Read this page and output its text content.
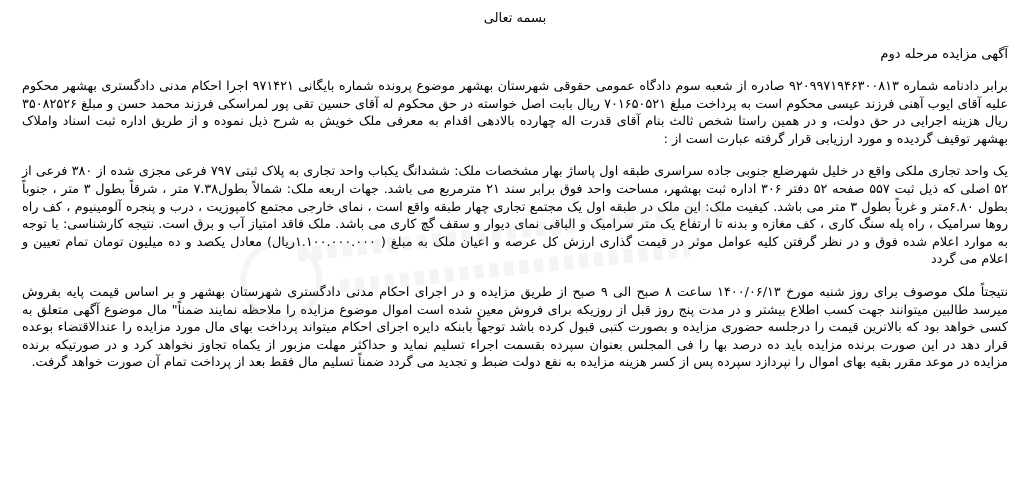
بسمه تعالی
آگهی مزایده مرحله دوم

برابر دادنامه شماره ۹۲۰۹۹۷۱۹۴۶۳۰۰۸۱۳ صادره از شعبه سوم دادگاه عمومی حقوقی شهرستان بهشهر موضوع پرونده شماره بایگانی ۹۷۱۴۲۱ اجرا احکام مدنی دادگستری بهشهر محکوم علیه آقای ایوب آهنی فرزند عیسی محکوم است به پرداخت مبلغ ۷۰۱۶۵۰۵۲۱ ریال بابت اصل خواسته در حق محکوم له آقای حسین تقی پور لمراسکی فرزند محمد حسن و مبلغ ۳۵۰۸۲۵۲۶ ریال هزینه اجرایی در حق دولت، و در همین راستا شخص ثالث بنام آقای قدرت اله چهارده بالادهی اقدام به معرفی ملک خویش به شرح ذیل نموده و از طریق اداره ثبت اسناد واملاک بهشهر توقیف گردیده و مورد ارزیابی قرار گرفته عبارت است از :

یک واحد تجاری ملکی واقع در خلیل شهرضلع جنوبی جاده سراسری طبقه اول پاساژ بهار مشخصات ملک: ششدانگ یکباب واحد تجاری به پلاک ثبتی ۷۹۷ فرعی مجزی شده از ۳۸۰ فرعی از ۵۲ اصلی که ذیل ثبت ۵۵۷ صفحه ۵۲ دفتر ۳۰۶ اداره ثبت بهشهر، مساحت واحد فوق برابر سند ۲۱ مترمربع می باشد. جهات اربعه ملک: شمالاً بطول۷.۳۸ متر ، شرقاً بطول ۳ متر ، جنوباً بطول ۶.۸۰متر و غرباً بطول ۳ متر می باشد. کیفیت ملک: این ملک در طبقه اول یک مجتمع تجاری چهار طبقه واقع است ، نمای خارجی مجتمع کامپوزیت ، درب و پنجره آلومینیوم ، کف راه روها سرامیک ، راه پله سنگ کاری ، کف مغازه و بدنه تا ارتفاع یک متر سرامیک و الباقی نمای دیوار و سقف گچ کاری می باشد. ملک فاقد امتیاز آب و برق است. نتیجه کارشناسی: با توجه به موارد اعلام شده فوق و در نظر گرفتن کلیه عوامل موثر در قیمت گذاری ارزش کل عرصه و اعیان ملک به مبلغ ( ۱.۱۰۰.۰۰۰.۰۰۰ریال) معادل یکصد و ده میلیون تومان تمام تعیین و اعلام می گردد

نتیجتاً ملک موصوف برای روز شنبه مورخ ۱۴۰۰/۰۶/۱۳ ساعت ۸ صبح الی ۹ صبح از طریق مزایده و در اجرای احکام مدنی دادگستری شهرستان بهشهر و بر اساس قیمت پایه بفروش میرسد طالبین میتوانند جهت کسب اطلاع بیشتر و در مدت پنج روز قبل از روزیکه برای فروش معین شده است اموال موضوع مزایده را ملاحظه نمایند ضمناً" مال موضوع آگهی متعلق به کسی خواهد بود که بالاترین قیمت را درجلسه حضوری مزایده و بصورت کتبی قبول کرده باشد توجهاً بابنکه دایره اجرای احکام میتواند پرداخت بهای مال مورد مزایده را عندالاقتضاء بوعده قرار دهد در این صورت برنده مزایده باید ده درصد بها را فی المجلس بعنوان سپرده بقسمت اجراء تسلیم نماید و حداکثر مهلت مزبور از یکماه تجاوز نخواهد کرد و در صورتیکه برنده مزایده در موعد مقرر بقیه بهای اموال را نپردازد سپرده پس از کسر هزینه مزایده به نفع دولت ضبط و تجدید می گردد ضمناً تسلیم مال فقط بعد از پرداخت تمام آن صورت خواهد گرفت.
